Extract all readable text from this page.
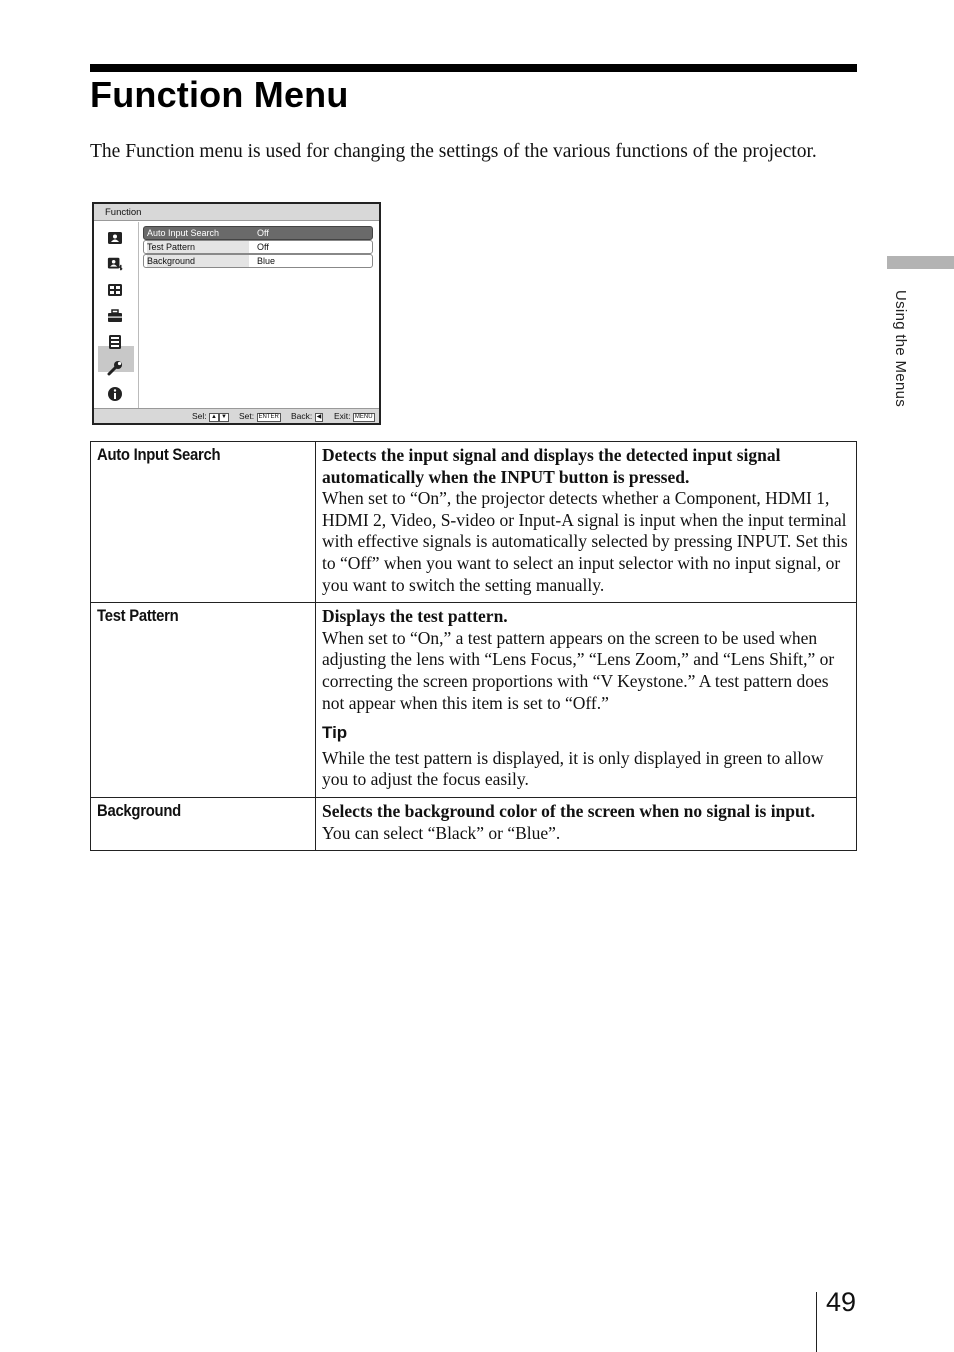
Function Menu
The Function menu is used for changing the settings of the various functions of the projector.
Function
Auto Input Search	Off
Test Pattern	Off
Background	Blue
Sel: ▲ ▼ Set: ENTER Back: ◀ Exit: MENU
Auto Input Search	Detects the input signal and displays the detected input signal automatically when the INPUT button is pressed.
When set to “On”, the projector detects whether a Component, HDMI 1, HDMI 2, Video, S-video or Input-A signal is input when the input terminal with effective signals is automatically selected by pressing INPUT. Set this to “Off” when you want to select an input selector with no input signal, or you want to switch the setting manually.

Test Pattern	Displays the test pattern.
When set to “On,” a test pattern appears on the screen to be used when adjusting the lens with “Lens Focus,” “Lens Zoom,” and “Lens Shift,” or correcting the screen proportions with “V Keystone.” A test pattern does not appear when this item is set to “Off.”
Tip
While the test pattern is displayed, it is only displayed in green to allow you to adjust the focus easily.

Background	Selects the background color of the screen when no signal is input.
You can select “Black” or “Blue”.
Using the Menus
49
